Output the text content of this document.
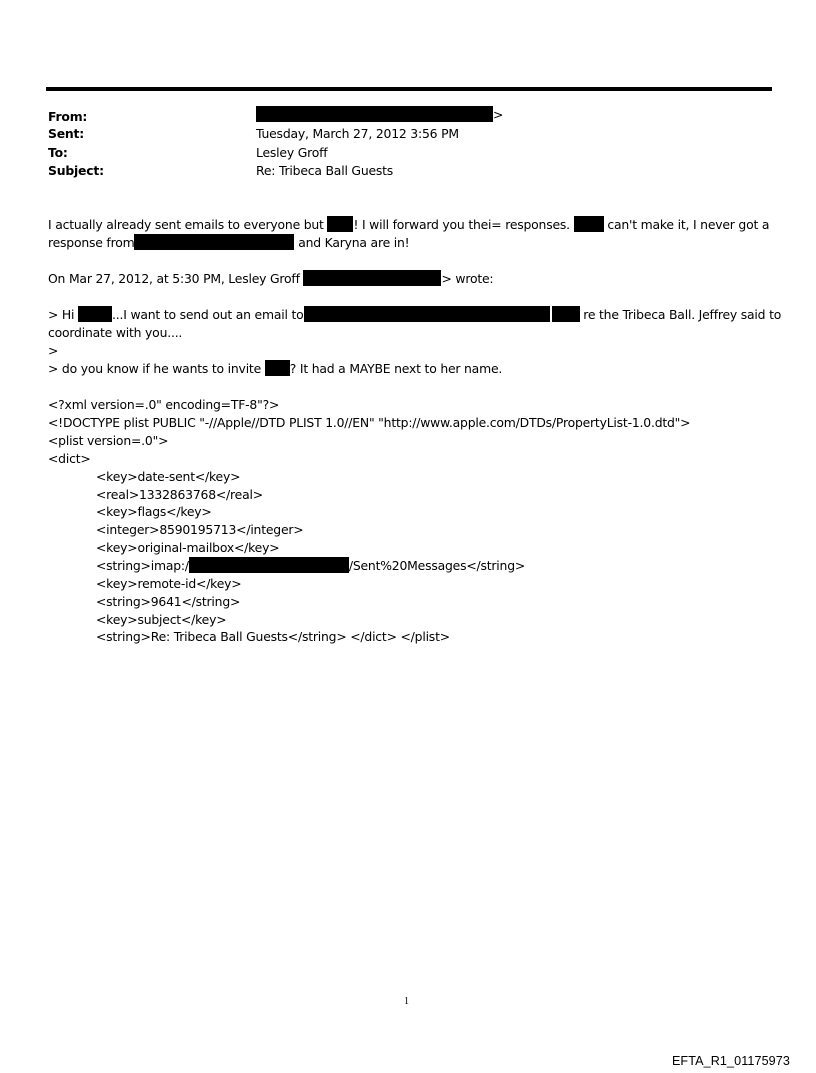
From:	>
Sent:	Tuesday, March 27, 2012 3:56 PM
To:	Lesley Groff
Subject:	Re: Tribeca Ball Guests
I actually already sent emails to everyone but ! I will forward you thei= responses.  can't make it, I never got a
response from	and Karyna are in!
On Mar 27, 2012, at 5:30 PM, Lesley Groff	> wrote:
> Hi	...I want to send out an email to	re the Tribeca Ball. Jeffrey said to
coordinate with you....
>
> do you know if he wants to invite ? It had a MAYBE next to her name.
<?xml version=.0" encoding=TF-8"?>
<!DOCTYPE plist PUBLIC "-//Apple//DTD PLIST 1.0//EN" "http://www.apple.com/DTDs/PropertyList-1.0.dtd">
<plist version=.0">
<dict>
<key>date-sent</key>
<real>1332863768</real>
<key>flags</key>
<integer>8590195713</integer>
<key>original-mailbox</key>
<string>imap:/	/Sent%20Messages</string>
<key>remote-id</key>
<string>9641</string>
<key>subject</key>
<string>Re: Tribeca Ball Guests</string> </dict> </plist>
1
EFTA_R1_01175973
